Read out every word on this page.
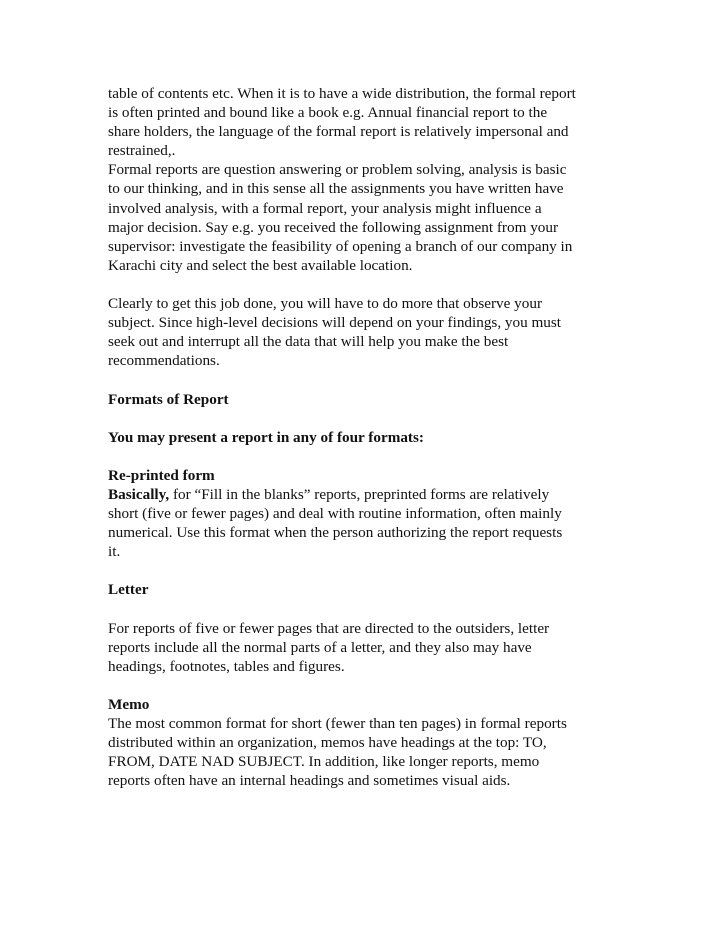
table of contents etc. When it is to have a wide distribution, the formal report
is often printed and bound like a book e.g. Annual financial report to the
share holders, the language of the formal report is relatively impersonal and
restrained,.

Formal reports are question answering or problem solving, analysis is basic
to our thinking, and in this sense all the assignments you have written have
involved analysis, with a formal report, your analysis might influence a
major decision. Say e.g. you received the following assignment from your
supervisor: investigate the feasibility of opening a branch of our company in
Karachi city and select the best available location.

Clearly to get this job done, you will have to do more that observe your
subject. Since high-level decisions will depend on your findings, you must
seek out and interrupt all the data that will help you make the best
recommendations.

Formats of Report

You may present a report in any of four formats:

Re-printed form

Basically, for “Fill in the blanks” reports, preprinted forms are relatively
short (five or fewer pages) and deal with routine information, often mainly
numerical. Use this format when the person authorizing the report requests
it.

Letter

For reports of five or fewer pages that are directed to the outsiders, letter
reports include all the normal parts of a letter, and they also may have
headings, footnotes, tables and figures.

Memo

The most common format for short (fewer than ten pages) in formal reports
distributed within an organization, memos have headings at the top: TO,
FROM, DATE NAD SUBJECT. In addition, like longer reports, memo
reports often have an internal headings and sometimes visual aids.
